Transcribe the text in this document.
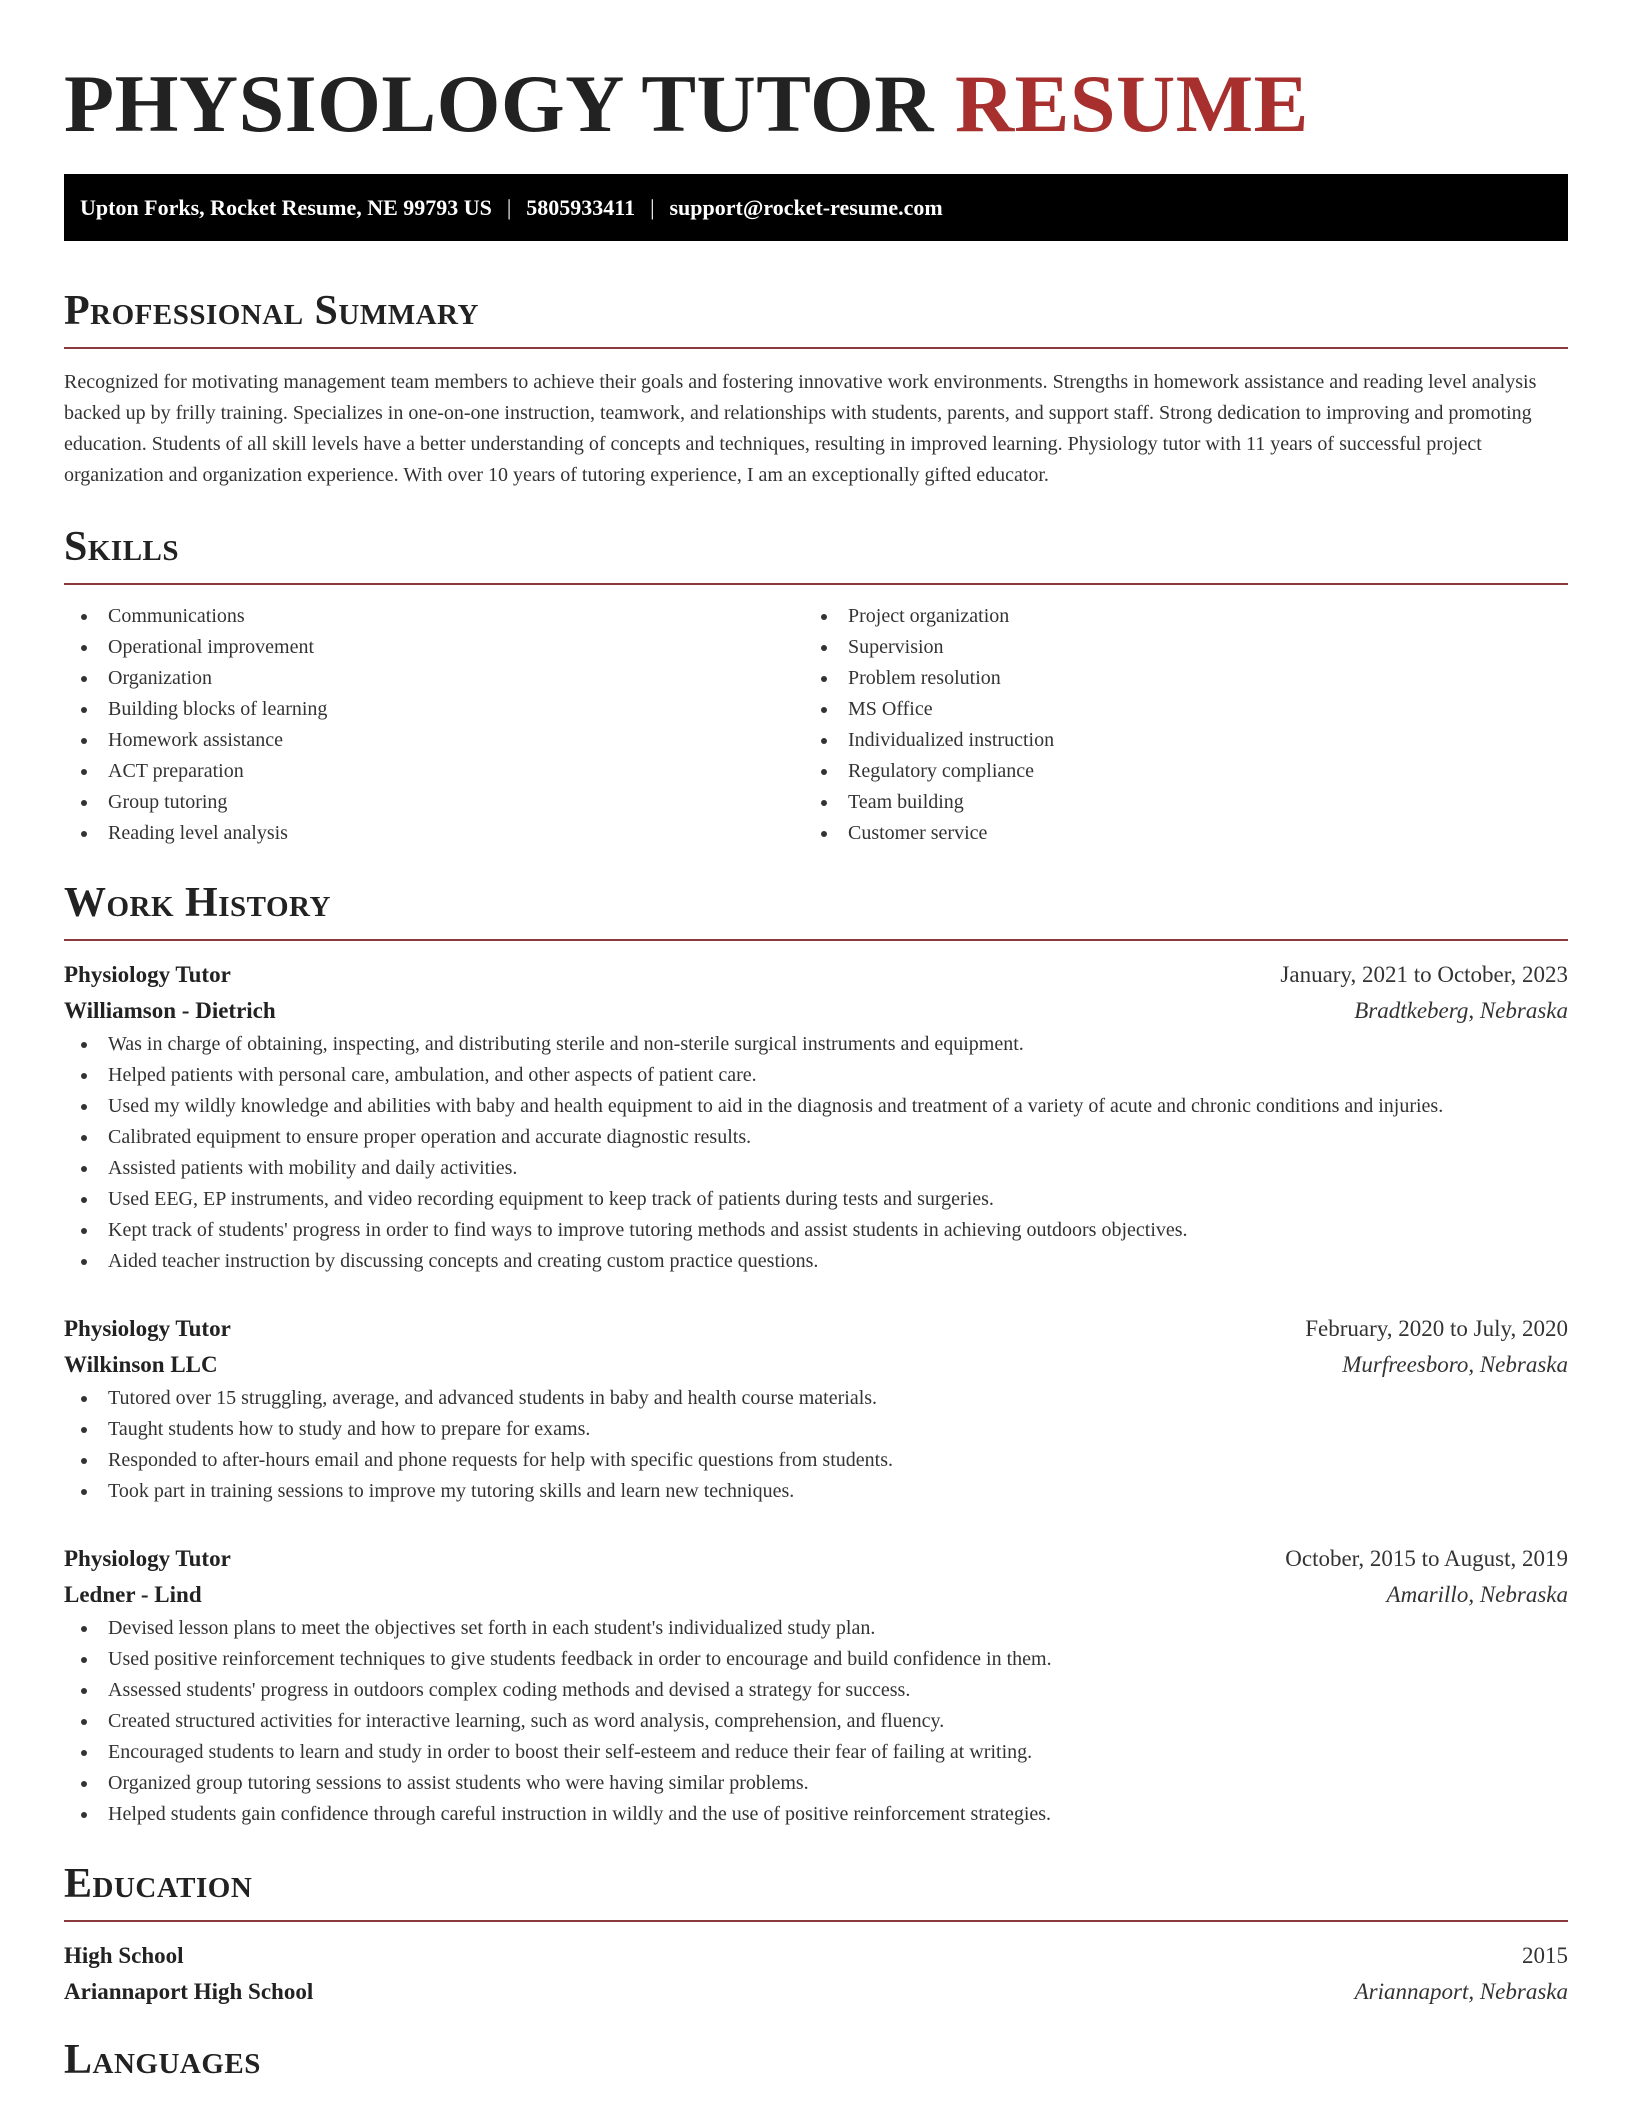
PHYSIOLOGY TUTOR RESUME
Upton Forks, Rocket Resume, NE 99793 US | 5805933411 | support@rocket-resume.com
Professional Summary

Recognized for motivating management team members to achieve their goals and fostering innovative work environments. Strengths in homework assistance and reading level analysis backed up by frilly training. Specializes in one-on-one instruction, teamwork, and relationships with students, parents, and support staff. Strong dedication to improving and promoting education. Students of all skill levels have a better understanding of concepts and techniques, resulting in improved learning. Physiology tutor with 11 years of successful project organization and organization experience. With over 10 years of tutoring experience, I am an exceptionally gifted educator.

Skills
Communications
Operational improvement
Organization
Building blocks of learning
Homework assistance
ACT preparation
Group tutoring
Reading level analysis
Project organization
Supervision
Problem resolution
MS Office
Individualized instruction
Regulatory compliance
Team building
Customer service
Work History
Physiology Tutor	January, 2021 to October, 2023
Williamson - Dietrich	Bradtkeberg, Nebraska
Was in charge of obtaining, inspecting, and distributing sterile and non-sterile surgical instruments and equipment.
Helped patients with personal care, ambulation, and other aspects of patient care.
Used my wildly knowledge and abilities with baby and health equipment to aid in the diagnosis and treatment of a variety of acute and chronic conditions and injuries.
Calibrated equipment to ensure proper operation and accurate diagnostic results.
Assisted patients with mobility and daily activities.
Used EEG, EP instruments, and video recording equipment to keep track of patients during tests and surgeries.
Kept track of students' progress in order to find ways to improve tutoring methods and assist students in achieving outdoors objectives.
Aided teacher instruction by discussing concepts and creating custom practice questions.
Physiology Tutor	February, 2020 to July, 2020
Wilkinson LLC	Murfreesboro, Nebraska
Tutored over 15 struggling, average, and advanced students in baby and health course materials.
Taught students how to study and how to prepare for exams.
Responded to after-hours email and phone requests for help with specific questions from students.
Took part in training sessions to improve my tutoring skills and learn new techniques.
Physiology Tutor	October, 2015 to August, 2019
Ledner - Lind	Amarillo, Nebraska
Devised lesson plans to meet the objectives set forth in each student's individualized study plan.
Used positive reinforcement techniques to give students feedback in order to encourage and build confidence in them.
Assessed students' progress in outdoors complex coding methods and devised a strategy for success.
Created structured activities for interactive learning, such as word analysis, comprehension, and fluency.
Encouraged students to learn and study in order to boost their self-esteem and reduce their fear of failing at writing.
Organized group tutoring sessions to assist students who were having similar problems.
Helped students gain confidence through careful instruction in wildly and the use of positive reinforcement strategies.
Education
High School	2015
Ariannaport High School	Ariannaport, Nebraska
Languages
